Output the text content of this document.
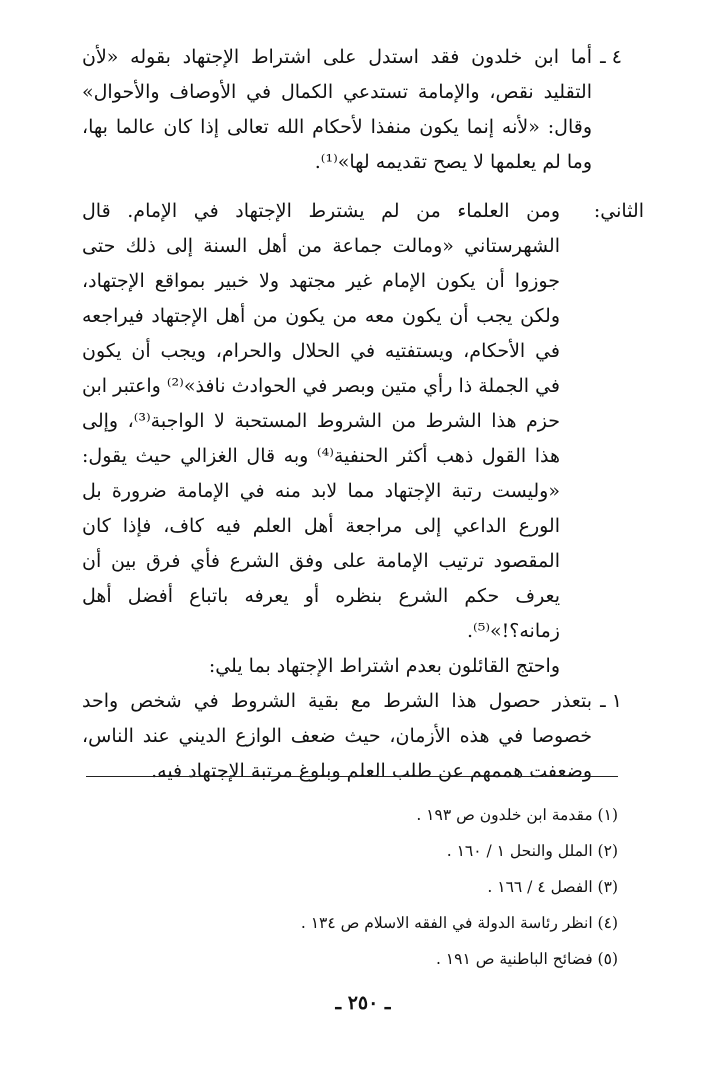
٤ ـ
أما ابن خلدون فقد استدل على اشتراط الإجتهاد بقوله «لأن التقليد نقص، والإمامة تستدعي الكمال في الأوصاف والأحوال» وقال: «لأنه إنما يكون منفذا لأحكام الله تعالى إذا كان عالما بها، وما لم يعلمها لا يصح تقديمه لها»⁽¹⁾.
الثاني:
ومن العلماء من لم يشترط الإجتهاد في الإمام. قال الشهرستاني «ومالت جماعة من أهل السنة إلى ذلك حتى جوزوا أن يكون الإمام غير مجتهد ولا خبير بمواقع الإجتهاد، ولكن يجب أن يكون معه من يكون من أهل الإجتهاد فيراجعه في الأحكام، ويستفتيه في الحلال والحرام، ويجب أن يكون في الجملة ذا رأي متين وبصر في الحوادث نافذ»⁽²⁾ واعتبر ابن حزم هذا الشرط من الشروط المستحبة لا الواجبة⁽³⁾، وإلى هذا القول ذهب أكثر الحنفية⁽⁴⁾ وبه قال الغزالي حيث يقول: «وليست رتبة الإجتهاد مما لابد منه في الإمامة ضرورة بل الورع الداعي إلى مراجعة أهل العلم فيه كاف، فإذا كان المقصود ترتيب الإمامة على وفق الشرع فأي فرق بين أن يعرف حكم الشرع بنظره أو يعرفه باتباع أفضل أهل زمانه؟!»⁽⁵⁾.
واحتج القائلون بعدم اشتراط الإجتهاد بما يلي:
١ ـ
بتعذر حصول هذا الشرط مع بقية الشروط في شخص واحد خصوصا في هذه الأزمان، حيث ضعف الوازع الديني عند الناس، وضعفت هممهم عن طلب العلم وبلوغ مرتبة الإجتهاد فيه.
(١) مقدمة ابن خلدون ص ١٩٣ .
(٢) الملل والنحل ١ / ١٦٠ .
(٣) الفصل ٤ / ١٦٦ .
(٤) انظر رئاسة الدولة في الفقه الاسلام ص ١٣٤ .
(٥) فضائح الباطنية ص ١٩١ .
ـ ٢٥٠ ـ
